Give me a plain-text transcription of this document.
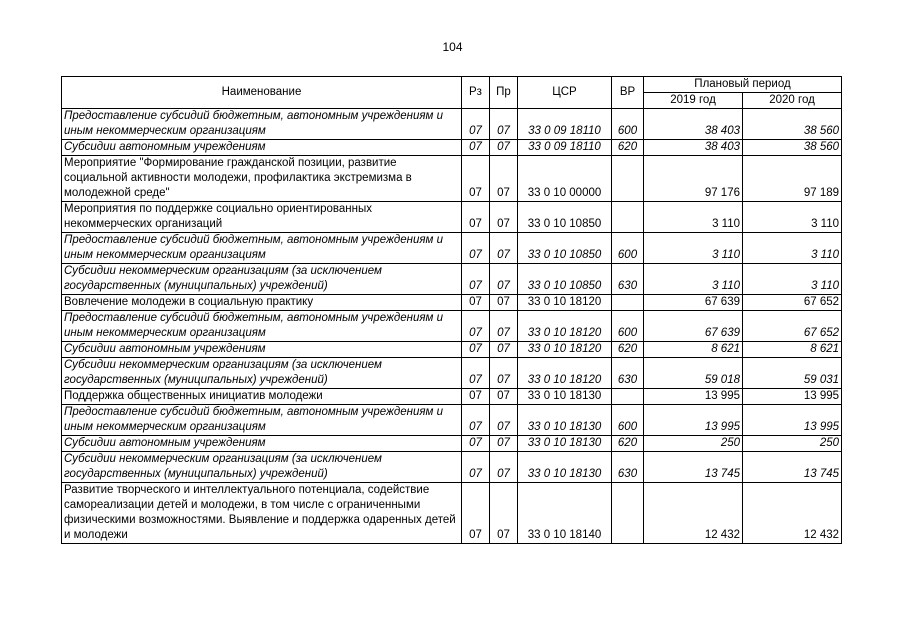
104
Наименование	Рз	Пр	ЦСР	ВР	Плановый период	
					2019 год	2020 год
Предоставление субсидий бюджетным, автономным учреждениям и иным некоммерческим организациям	07	07	33 0 09 18110	600	38 403	38 560
Субсидии автономным учреждениям	07	07	33 0 09 18110	620	38 403	38 560
Мероприятие "Формирование гражданской позиции, развитие социальной активности молодежи, профилактика экстремизма в молодежной среде"	07	07	33 0 10 00000		97 176	97 189
Мероприятия по поддержке социально ориентированных некоммерческих организаций	07	07	33 0 10 10850		3 110	3 110
Предоставление субсидий бюджетным, автономным учреждениям и иным некоммерческим организациям	07	07	33 0 10 10850	600	3 110	3 110
Субсидии некоммерческим организациям (за исключением государственных (муниципальных) учреждений)	07	07	33 0 10 10850	630	3 110	3 110
Вовлечение молодежи в социальную практику	07	07	33 0 10 18120		67 639	67 652
Предоставление субсидий бюджетным, автономным учреждениям и иным некоммерческим организациям	07	07	33 0 10 18120	600	67 639	67 652
Субсидии автономным учреждениям	07	07	33 0 10 18120	620	8 621	8 621
Субсидии некоммерческим организациям (за исключением государственных (муниципальных) учреждений)	07	07	33 0 10 18120	630	59 018	59 031
Поддержка общественных инициатив молодежи	07	07	33 0 10 18130		13 995	13 995
Предоставление субсидий бюджетным, автономным учреждениям и иным некоммерческим организациям	07	07	33 0 10 18130	600	13 995	13 995
Субсидии автономным учреждениям	07	07	33 0 10 18130	620	250	250
Субсидии некоммерческим организациям (за исключением государственных (муниципальных) учреждений)	07	07	33 0 10 18130	630	13 745	13 745
Развитие творческого и интеллектуального потенциала, содействие самореализации детей и молодежи, в том числе с ограниченными физическими возможностями. Выявление и поддержка одаренных детей и молодежи	07	07	33 0 10 18140		12 432	12 432
